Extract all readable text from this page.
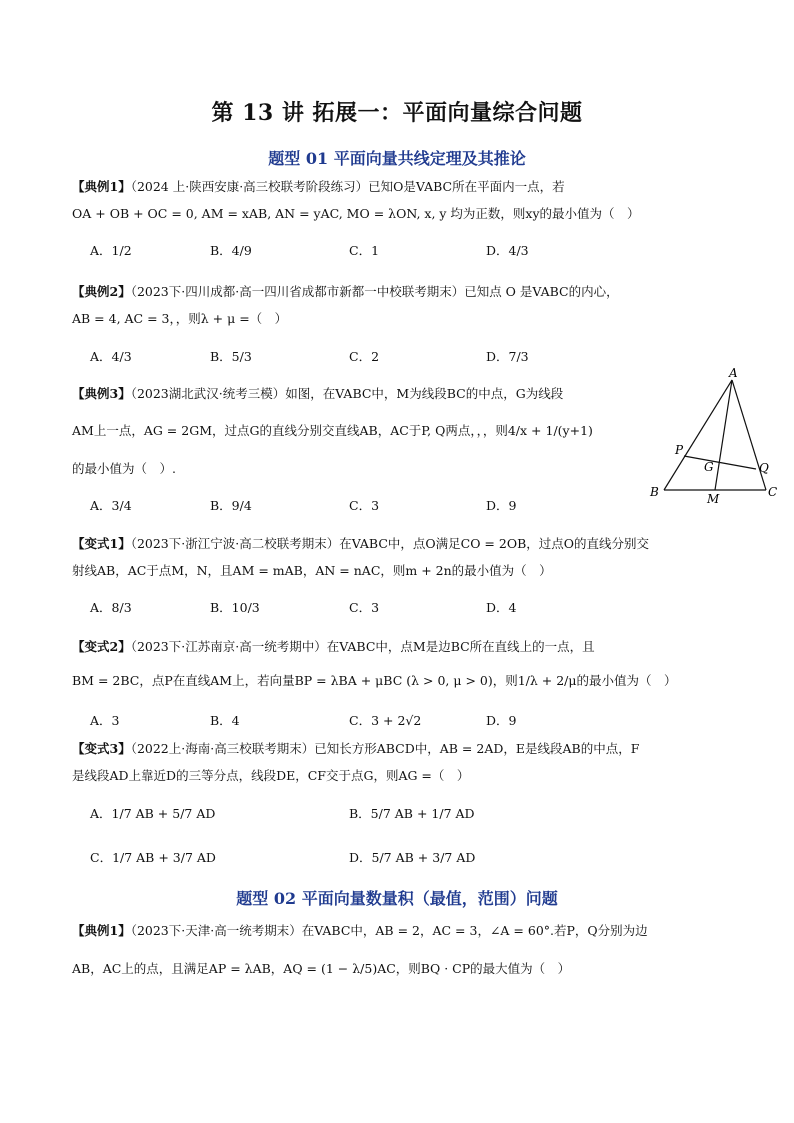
第 13 讲 拓展一：平面向量综合问题
题型 01 平面向量共线定理及其推论
【典例1】（2024 上·陕西安康·高三校联考阶段练习）已知O是VABC所在平面内一点，若
OA + OB + OC = 0, AM = xAB, AN = yAC, MO = λON, x, y 均为正数，则xy的最小值为（　）
A．1/2	B．4/9	C．1	D．4/3
【典例2】（2023下·四川成都·高一四川省成都市新都一中校联考期末）已知点 O 是VABC的内心，
AB = 4, AC = 3，，则λ + μ =（　）
A．4/3	B．5/3	C．2	D．7/3
【典例3】（2023湖北武汉·统考三模）如图，在VABC中，M为线段BC的中点，G为线段
AM上一点，AG = 2GM，过点G的直线分别交直线AB，AC于P, Q两点，，，则4/x + 1/(y+1)
的最小值为（　）.
A．3/4	B．9/4	C．3	D．9
A
P
G	Q
B	M	C
【变式1】（2023下·浙江宁波·高二校联考期末）在VABC中，点O满足CO = 2OB，过点O的直线分别交
射线AB，AC于点M，N，且AM = mAB，AN = nAC，则m + 2n的最小值为（　）
A．8/3	B．10/3	C．3	D．4
【变式2】（2023下·江苏南京·高一统考期中）在VABC中，点M是边BC所在直线上的一点，且
BM = 2BC，点P在直线AM上，若向量BP = λBA + μBC (λ > 0, μ > 0)，则1/λ + 2/μ的最小值为（　）
A．3	B．4	C．3 + 2√2	D．9
【变式3】（2022上·海南·高三校联考期末）已知长方形ABCD中，AB = 2AD，E是线段AB的中点，F
是线段AD上靠近D的三等分点，线段DE，CF交于点G，则AG =（　）
A．1/7 AB + 5/7 AD	B．5/7 AB + 1/7 AD
C．1/7 AB + 3/7 AD	D．5/7 AB + 3/7 AD
题型 02 平面向量数量积（最值，范围）问题
【典例1】（2023下·天津·高一统考期末）在VABC中，AB = 2，AC = 3，∠A = 60°.若P，Q分别为边
AB，AC上的点，且满足AP = λAB，AQ = (1 − λ/5)AC，则BQ · CP的最大值为（　）
